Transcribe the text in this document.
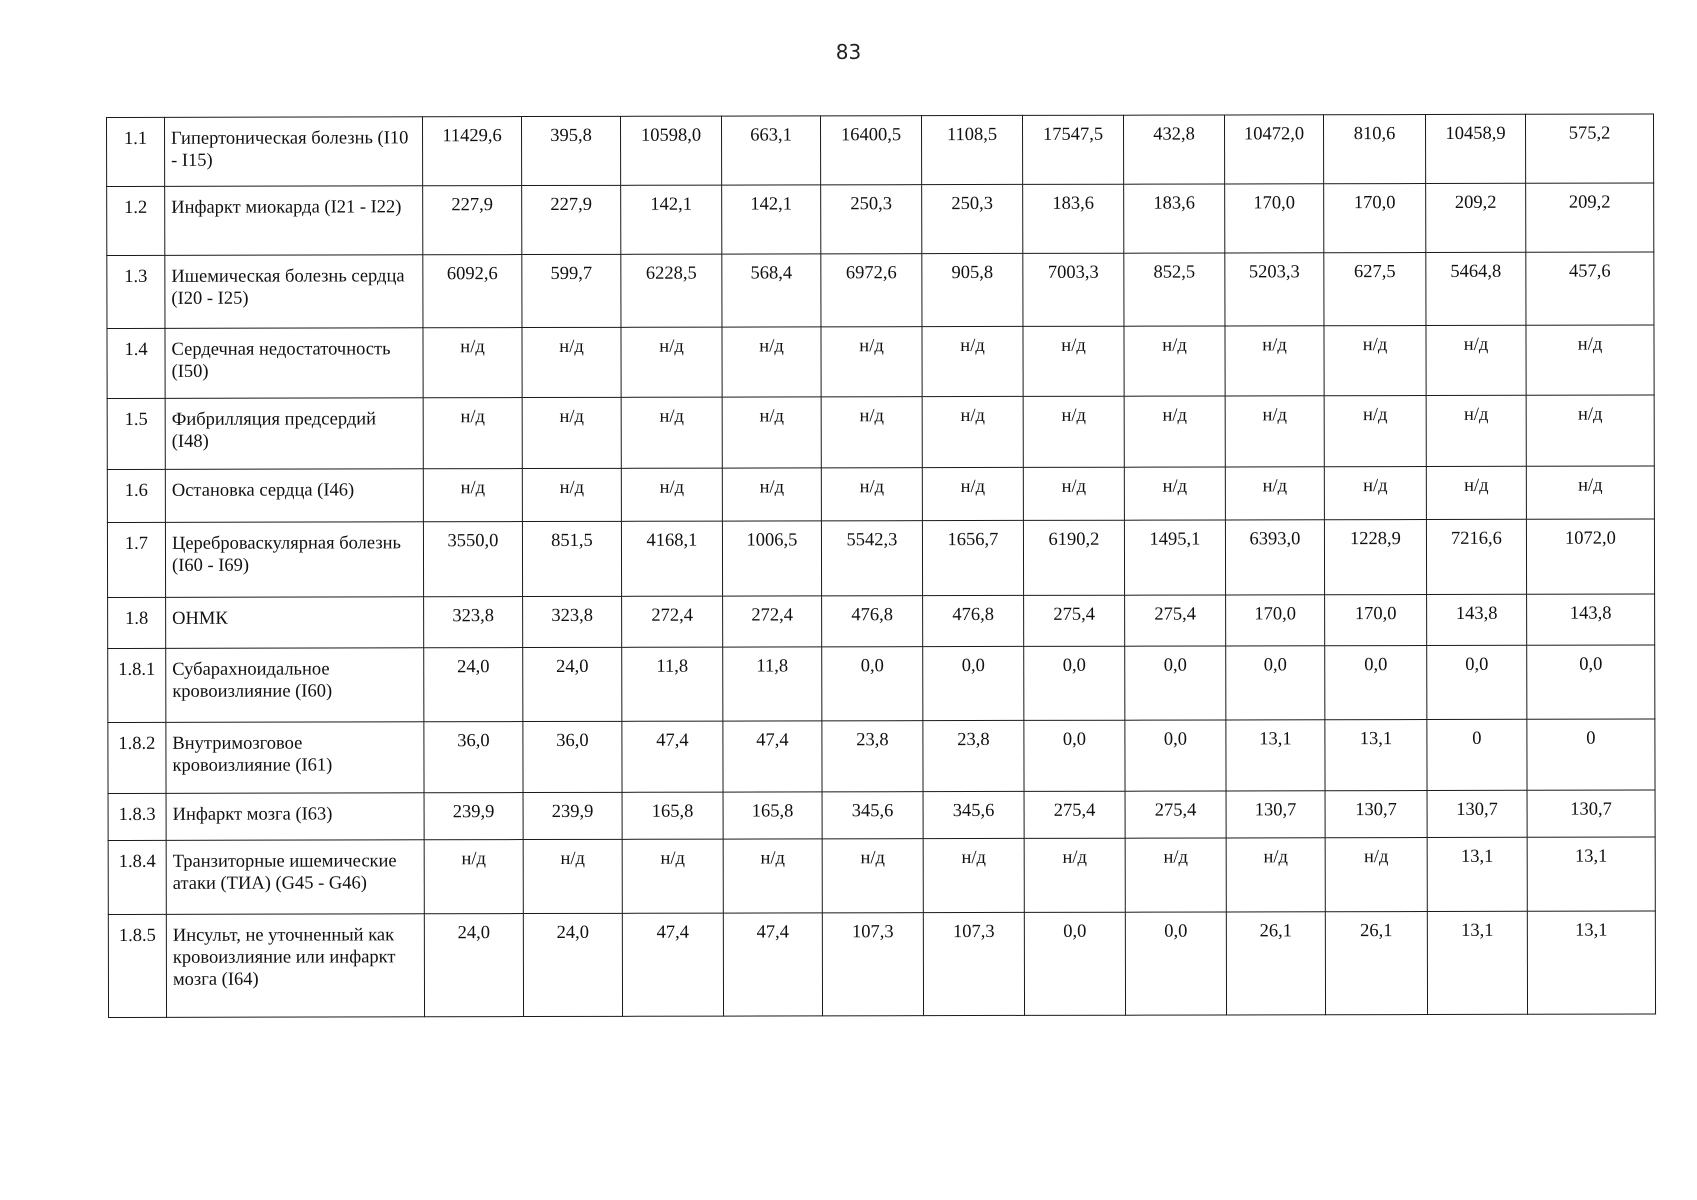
83
1.1	Гипертоническая болезнь (I10 - I15)	11429,6	395,8	10598,0	663,1	16400,5	1108,5	17547,5	432,8	10472,0	810,6	10458,9	575,2
1.2	Инфаркт миокарда (I21 - I22)	227,9	227,9	142,1	142,1	250,3	250,3	183,6	183,6	170,0	170,0	209,2	209,2
1.3	Ишемическая болезнь сердца (I20 - I25)	6092,6	599,7	6228,5	568,4	6972,6	905,8	7003,3	852,5	5203,3	627,5	5464,8	457,6
1.4	Сердечная недостаточность (I50)	н/д	н/д	н/д	н/д	н/д	н/д	н/д	н/д	н/д	н/д	н/д	н/д
1.5	Фибрилляция предсердий (I48)	н/д	н/д	н/д	н/д	н/д	н/д	н/д	н/д	н/д	н/д	н/д	н/д
1.6	Остановка сердца (I46)	н/д	н/д	н/д	н/д	н/д	н/д	н/д	н/д	н/д	н/д	н/д	н/д
1.7	Цереброваскулярная болезнь (I60 - I69)	3550,0	851,5	4168,1	1006,5	5542,3	1656,7	6190,2	1495,1	6393,0	1228,9	7216,6	1072,0
1.8	ОНМК	323,8	323,8	272,4	272,4	476,8	476,8	275,4	275,4	170,0	170,0	143,8	143,8
1.8.1	Субарахноидальное кровоизлияние (I60)	24,0	24,0	11,8	11,8	0,0	0,0	0,0	0,0	0,0	0,0	0,0	0,0
1.8.2	Внутримозговое кровоизлияние (I61)	36,0	36,0	47,4	47,4	23,8	23,8	0,0	0,0	13,1	13,1	0	0
1.8.3	Инфаркт мозга (I63)	239,9	239,9	165,8	165,8	345,6	345,6	275,4	275,4	130,7	130,7	130,7	130,7
1.8.4	Транзиторные ишемические атаки (ТИА) (G45 - G46)	н/д	н/д	н/д	н/д	н/д	н/д	н/д	н/д	н/д	н/д	13,1	13,1
1.8.5	Инсульт, не уточненный как кровоизлияние или инфаркт мозга (I64)	24,0	24,0	47,4	47,4	107,3	107,3	0,0	0,0	26,1	26,1	13,1	13,1
